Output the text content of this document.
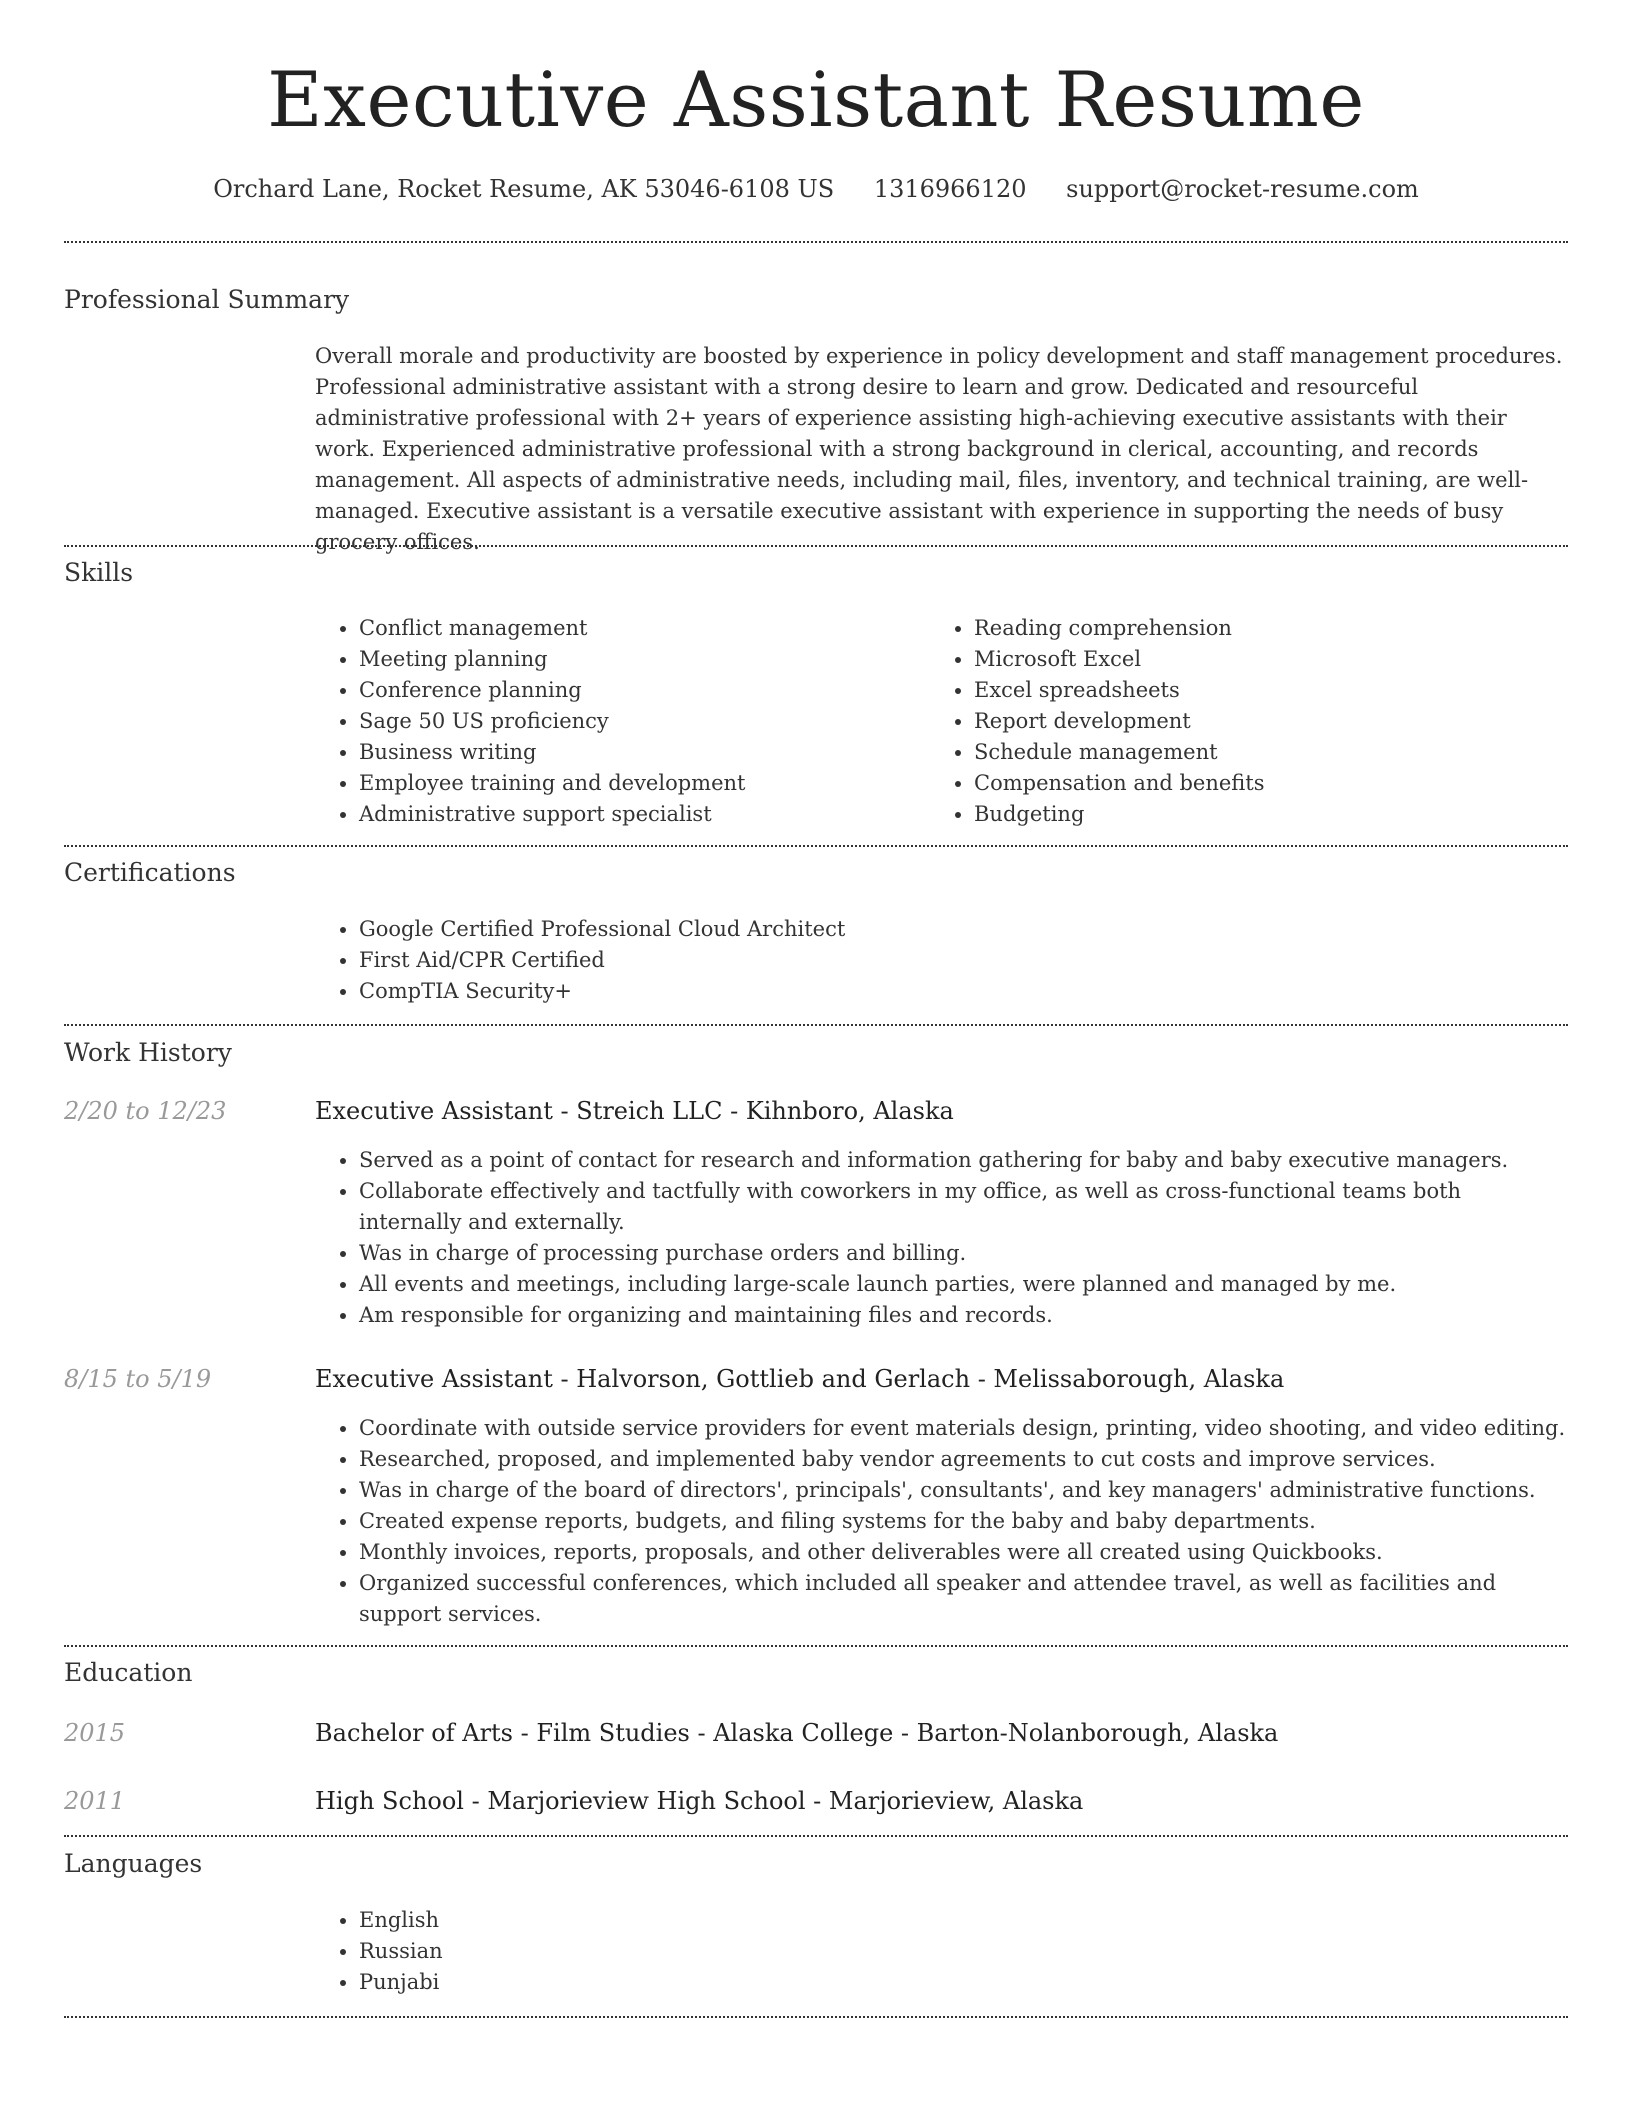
Executive Assistant Resume
Orchard Lane, Rocket Resume, AK 53046-6108 US 1316966120 support@rocket-resume.com
Professional Summary
Overall morale and productivity are boosted by experience in policy development and staff management procedures. Professional administrative assistant with a strong desire to learn and grow. Dedicated and resourceful administrative professional with 2+ years of experience assisting high-achieving executive assistants with their work. Experienced administrative professional with a strong background in clerical, accounting, and records management. All aspects of administrative needs, including mail, files, inventory, and technical training, are well-managed. Executive assistant is a versatile executive assistant with experience in supporting the needs of busy grocery offices.
Skills
• Conflict management
• Meeting planning
• Conference planning
• Sage 50 US proficiency
• Business writing
• Employee training and development
• Administrative support specialist
• Reading comprehension
• Microsoft Excel
• Excel spreadsheets
• Report development
• Schedule management
• Compensation and benefits
• Budgeting
Certifications
• Google Certified Professional Cloud Architect
• First Aid/CPR Certified
• CompTIA Security+
Work History
2/20 to 12/23	Executive Assistant - Streich LLC - Kihnboro, Alaska
• Served as a point of contact for research and information gathering for baby and baby executive managers.
• Collaborate effectively and tactfully with coworkers in my office, as well as cross-functional teams both internally and externally.
• Was in charge of processing purchase orders and billing.
• All events and meetings, including large-scale launch parties, were planned and managed by me.
• Am responsible for organizing and maintaining files and records.
8/15 to 5/19	Executive Assistant - Halvorson, Gottlieb and Gerlach - Melissaborough, Alaska
• Coordinate with outside service providers for event materials design, printing, video shooting, and video editing.
• Researched, proposed, and implemented baby vendor agreements to cut costs and improve services.
• Was in charge of the board of directors', principals', consultants', and key managers' administrative functions.
• Created expense reports, budgets, and filing systems for the baby and baby departments.
• Monthly invoices, reports, proposals, and other deliverables were all created using Quickbooks.
• Organized successful conferences, which included all speaker and attendee travel, as well as facilities and support services.
Education
2015	Bachelor of Arts - Film Studies - Alaska College - Barton-Nolanborough, Alaska
2011	High School - Marjorieview High School - Marjorieview, Alaska
Languages
• English
• Russian
• Punjabi
